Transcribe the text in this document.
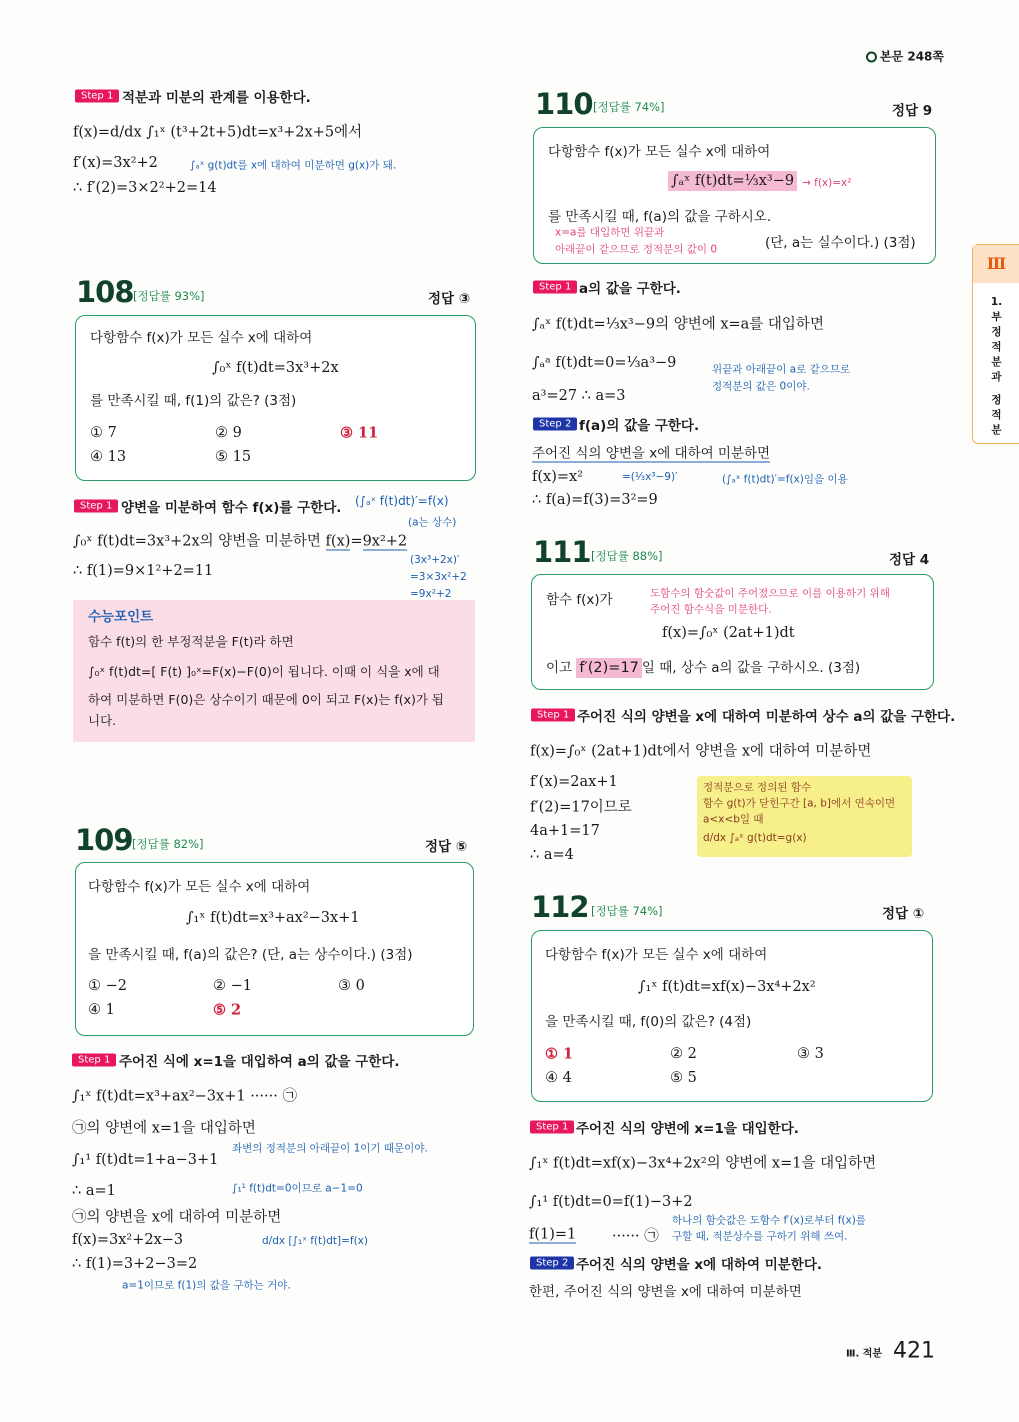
본문 248쪽
Ⅲ
1.
부
정
적
분
과
정
적
분
Step 1 적분과 미분의 관계를 이용한다.
f(x)=d/dx ∫₁ˣ (t³+2t+5)dt=x³+2x+5에서
f′(x)=3x²+2	∫ₐˣ g(t)dt를 x에 대하여 미분하면 g(x)가 돼.
∴ f′(2)=3×2²+2=14
108 [정답률 93%]	정답 ③
다항함수 f(x)가 모든 실수 x에 대하여
∫₀ˣ f(t)dt=3x³+2x
를 만족시킬 때, f(1)의 값은? (3점)
① 7	② 9	③ 11
④ 13	⑤ 15
Step 1 양변을 미분하여 함수 f(x)를 구한다. (∫ₐˣ f(t)dt)′=f(x)
(a는 상수)
∫₀ˣ f(t)dt=3x³+2x의 양변을 미분하면 f(x)=9x²+2
(3x³+2x)′
=3×3x²+2
=9x²+2
∴ f(1)=9×1²+2=11
수능포인트
함수 f(t)의 한 부정적분을 F(t)라 하면
∫₀ˣ f(t)dt=[ F(t) ]₀ˣ=F(x)−F(0)이 됩니다. 이때 이 식을 x에 대
하여 미분하면 F(0)은 상수이기 때문에 0이 되고 F(x)는 f(x)가 됩
니다.
109 [정답률 82%]	정답 ⑤
다항함수 f(x)가 모든 실수 x에 대하여
∫₁ˣ f(t)dt=x³+ax²−3x+1
을 만족시킬 때, f(a)의 값은? (단, a는 상수이다.) (3점)
① −2	② −1	③ 0
④ 1	⑤ 2
Step 1 주어진 식에 x=1을 대입하여 a의 값을 구한다.
∫₁ˣ f(t)dt=x³+ax²−3x+1 ······ ㉠
㉠의 양변에 x=1을 대입하면
좌변의 정적분의 아래끝이 1이기 때문이야.
∫₁¹ f(t)dt=1+a−3+1
∫₁¹ f(t)dt=0이므로 a−1=0
∴ a=1
㉠의 양변을 x에 대하여 미분하면
f(x)=3x²+2x−3	d/dx [∫₁ˣ f(t)dt]=f(x)
∴ f(1)=3+2−3=2
a=1이므로 f(1)의 값을 구하는 거야.
110 [정답률 74%]	정답 9
다항함수 f(x)가 모든 실수 x에 대하여
∫ₐˣ f(t)dt=⅓x³−9 → f(x)=x²
를 만족시킬 때, f(a)의 값을 구하시오.
x=a를 대입하면 위끝과
아래끝이 같으므로 정적분의 값이 0	(단, a는 실수이다.) (3점)
Step 1 a의 값을 구한다.
∫ₐˣ f(t)dt=⅓x³−9의 양변에 x=a를 대입하면
∫ₐᵃ f(t)dt=0=⅓a³−9	위끝과 아래끝이 a로 같으므로
정적분의 값은 0이야.
a³=27 ∴ a=3
Step 2 f(a)의 값을 구한다.
주어진 식의 양변을 x에 대하여 미분하면
f(x)=x²	=(⅓x³−9)′	(∫ₐˣ f(t)dt)′=f(x)임을 이용
∴ f(a)=f(3)=3²=9
111 [정답률 88%]	정답 4
함수 f(x)가	도함수의 함숫값이 주어졌으므로 이를 이용하기 위해
주어진 함수식을 미분한다.
f(x)=∫₀ˣ (2at+1)dt
이고 f′(2)=17 일 때, 상수 a의 값을 구하시오. (3점)
Step 1 주어진 식의 양변을 x에 대하여 미분하여 상수 a의 값을 구한다.
f(x)=∫₀ˣ (2at+1)dt에서 양변을 x에 대하여 미분하면
f′(x)=2ax+1
f′(2)=17이므로
4a+1=17
∴ a=4
정적분으로 정의된 함수
함수 g(t)가 닫힌구간 [a, b]에서 연속이면
a<x<b일 때
d/dx ∫ₐˣ g(t)dt=g(x)
112 [정답률 74%]	정답 ①
다항함수 f(x)가 모든 실수 x에 대하여
∫₁ˣ f(t)dt=xf(x)−3x⁴+2x²
을 만족시킬 때, f(0)의 값은? (4점)
① 1	② 2	③ 3
④ 4	⑤ 5
Step 1 주어진 식의 양변에 x=1을 대입한다.
∫₁ˣ f(t)dt=xf(x)−3x⁴+2x²의 양변에 x=1을 대입하면
∫₁¹ f(t)dt=0=f(1)−3+2
f(1)=1 ······ ㉠
하나의 함숫값은 도함수 f′(x)로부터 f(x)를
구할 때, 적분상수를 구하기 위해 쓰여.
Step 2 주어진 식의 양변을 x에 대하여 미분한다.
한편, 주어진 식의 양변을 x에 대하여 미분하면
Ⅲ. 적분 421
